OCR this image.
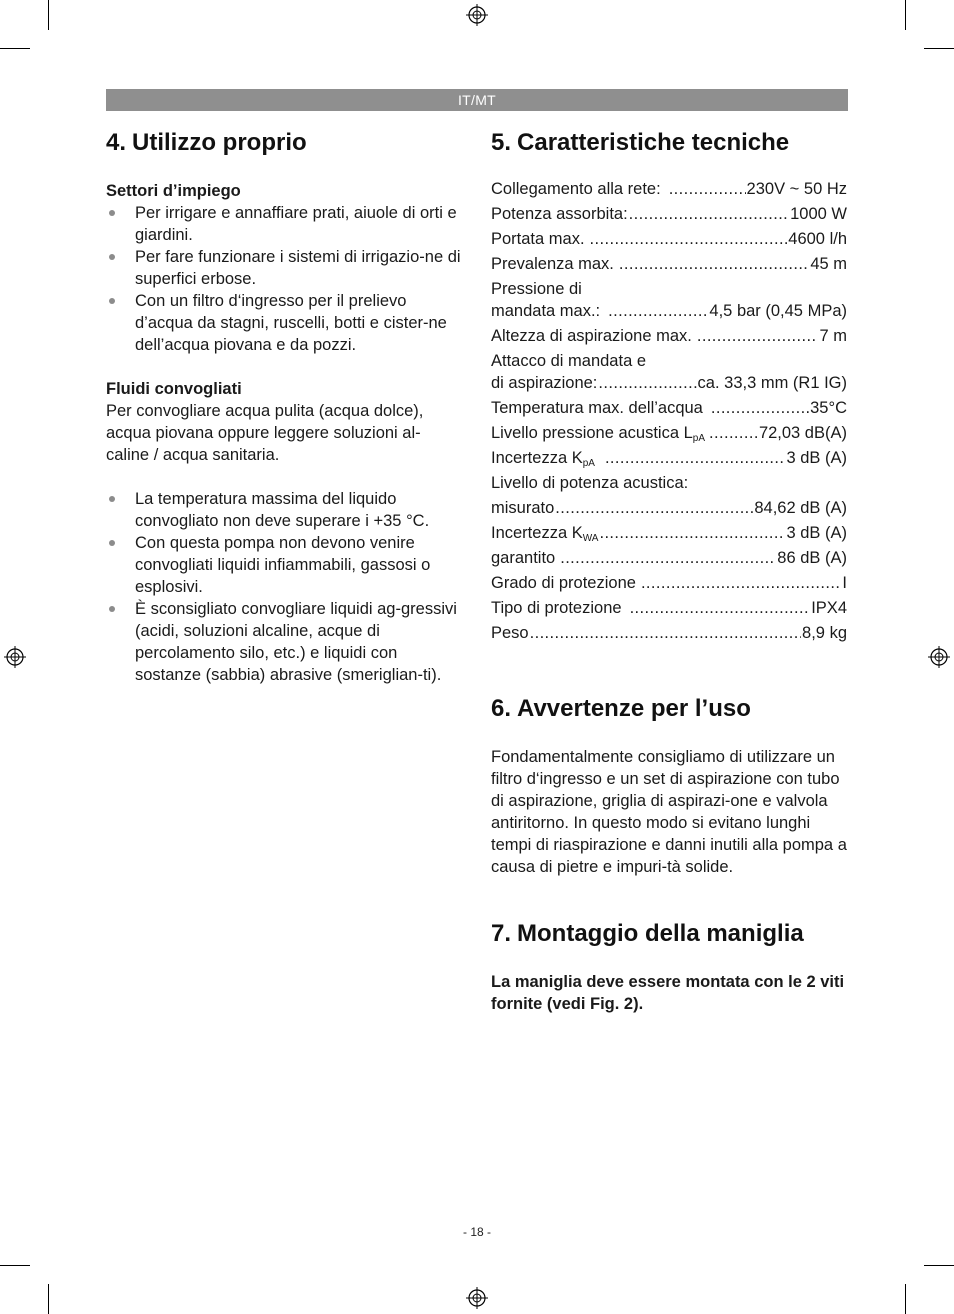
IT/MT
4. Utilizzo proprio
Settori d’impiego
Per irrigare e annaffiare prati, aiuole di orti e giardini.
Per fare funzionare i sistemi di irrigazio-ne di superfici erbose.
Con un filtro d‘ingresso per il prelievo d’acqua da stagni, ruscelli, botti e cister-ne dell’acqua piovana e da pozzi.
Fluidi convogliati
Per convogliare acqua pulita (acqua dolce), acqua piovana oppure leggere soluzioni al-caline / acqua sanitaria.
La temperatura massima del liquido convogliato non deve superare i +35 °C.
Con questa pompa non devono venire convogliati liquidi infiammabili, gassosi o esplosivi.
È sconsigliato convogliare liquidi ag-gressivi (acidi, soluzioni alcaline, acque di percolamento silo, etc.) e liquidi con sostanze (sabbia) abrasive (smeriglian-ti).
5. Caratteristiche tecniche
Collegamento alla rete: .....	230V ~ 50 Hz
Potenza assorbita: .....	1000 W
Portata max. .....	4600 l/h
Prevalenza max. .....	45 m
Pressione di
mandata max.: .....	4,5 bar (0,45 MPa)
Altezza di aspirazione max. .....	7 m
Attacco di mandata e
di aspirazione: .....	ca. 33,3 mm (R1 IG)
Temperatura max. dell’acqua .....	35°C
Livello pressione acustica $L_{pA}$ .....	72,03 dB(A)
Incertezza $K_{pA}$ .....	3 dB (A)
Livello di potenza acustica:
misurato .....	84,62 dB (A)
Incertezza $K_{WA}$ .....	3 dB (A)
garantito .....	86 dB (A)
Grado di protezione .....	I
Tipo di protezione .....	IPX4
Peso .....	8,9 kg
6. Avvertenze per l’uso
Fondamentalmente consigliamo di utilizzare un filtro d‘ingresso e un set di aspirazione con tubo di aspirazione, griglia di aspirazi-one e valvola antiritorno. In questo modo si evitano lunghi tempi di riaspirazione e danni inutili alla pompa a causa di pietre e impuri-tà solide.
7. Montaggio della maniglia
La maniglia deve essere montata con le 2 viti fornite (vedi Fig. 2).
- 18 -
